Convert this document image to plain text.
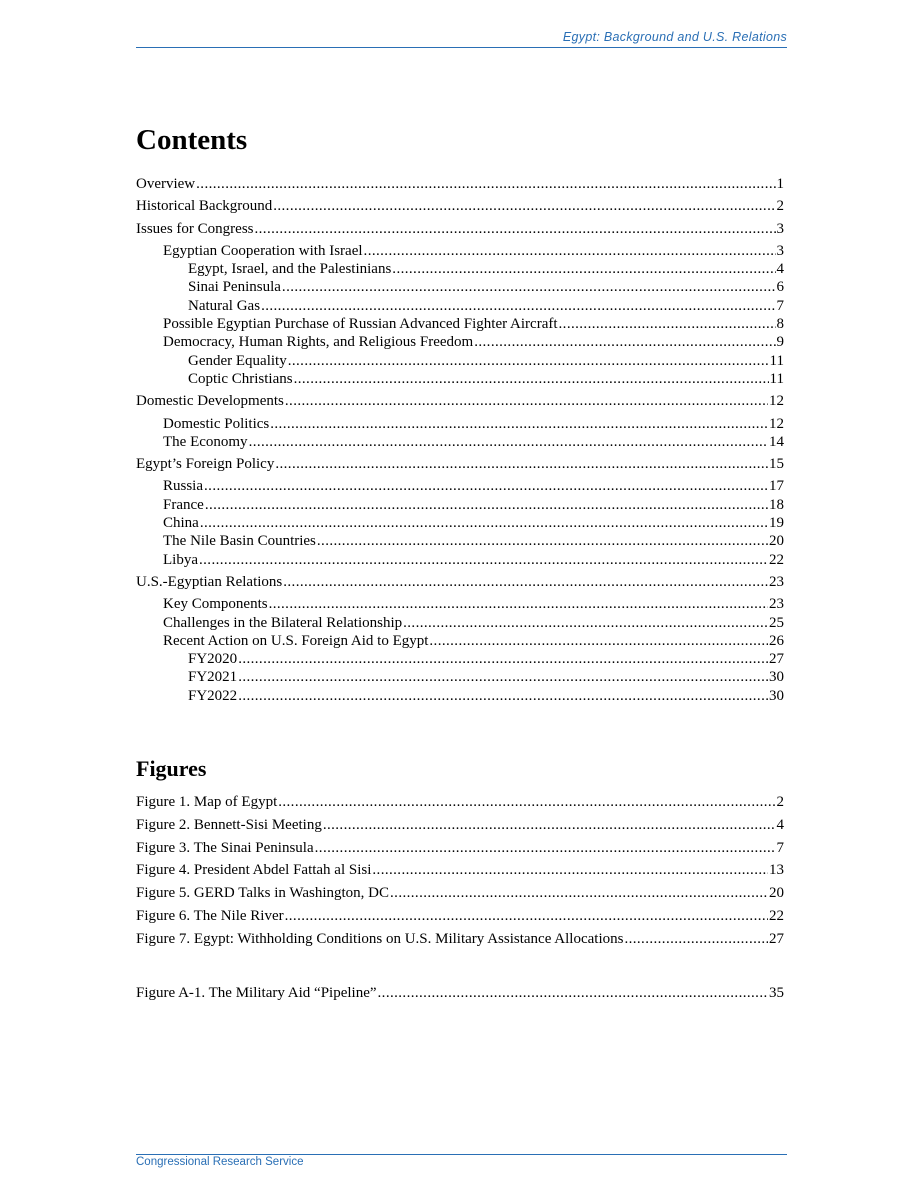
Egypt: Background and U.S. Relations
Contents
Overview .....	1
Historical Background .....	2
Issues for Congress .....	3
Egyptian Cooperation with Israel .....	3
Egypt, Israel, and the Palestinians .....	4
Sinai Peninsula .....	6
Natural Gas .....	7
Possible Egyptian Purchase of Russian Advanced Fighter Aircraft .....	8
Democracy, Human Rights, and Religious Freedom .....	9
Gender Equality .....	11
Coptic Christians .....	11
Domestic Developments .....	12
Domestic Politics .....	12
The Economy .....	14
Egypt’s Foreign Policy .....	15
Russia .....	17
France .....	18
China .....	19
The Nile Basin Countries .....	20
Libya .....	22
U.S.-Egyptian Relations .....	23
Key Components .....	23
Challenges in the Bilateral Relationship .....	25
Recent Action on U.S. Foreign Aid to Egypt .....	26
FY2020 .....	27
FY2021 .....	30
FY2022 .....	30
Figures
Figure 1. Map of Egypt .....	2
Figure 2. Bennett-Sisi Meeting .....	4
Figure 3. The Sinai Peninsula .....	7
Figure 4. President Abdel Fattah al Sisi .....	13
Figure 5. GERD Talks in Washington, DC .....	20
Figure 6. The Nile River .....	22
Figure 7. Egypt: Withholding Conditions on U.S. Military Assistance Allocations .....	27
Figure A-1. The Military Aid “Pipeline” .....	35
Congressional Research Service
